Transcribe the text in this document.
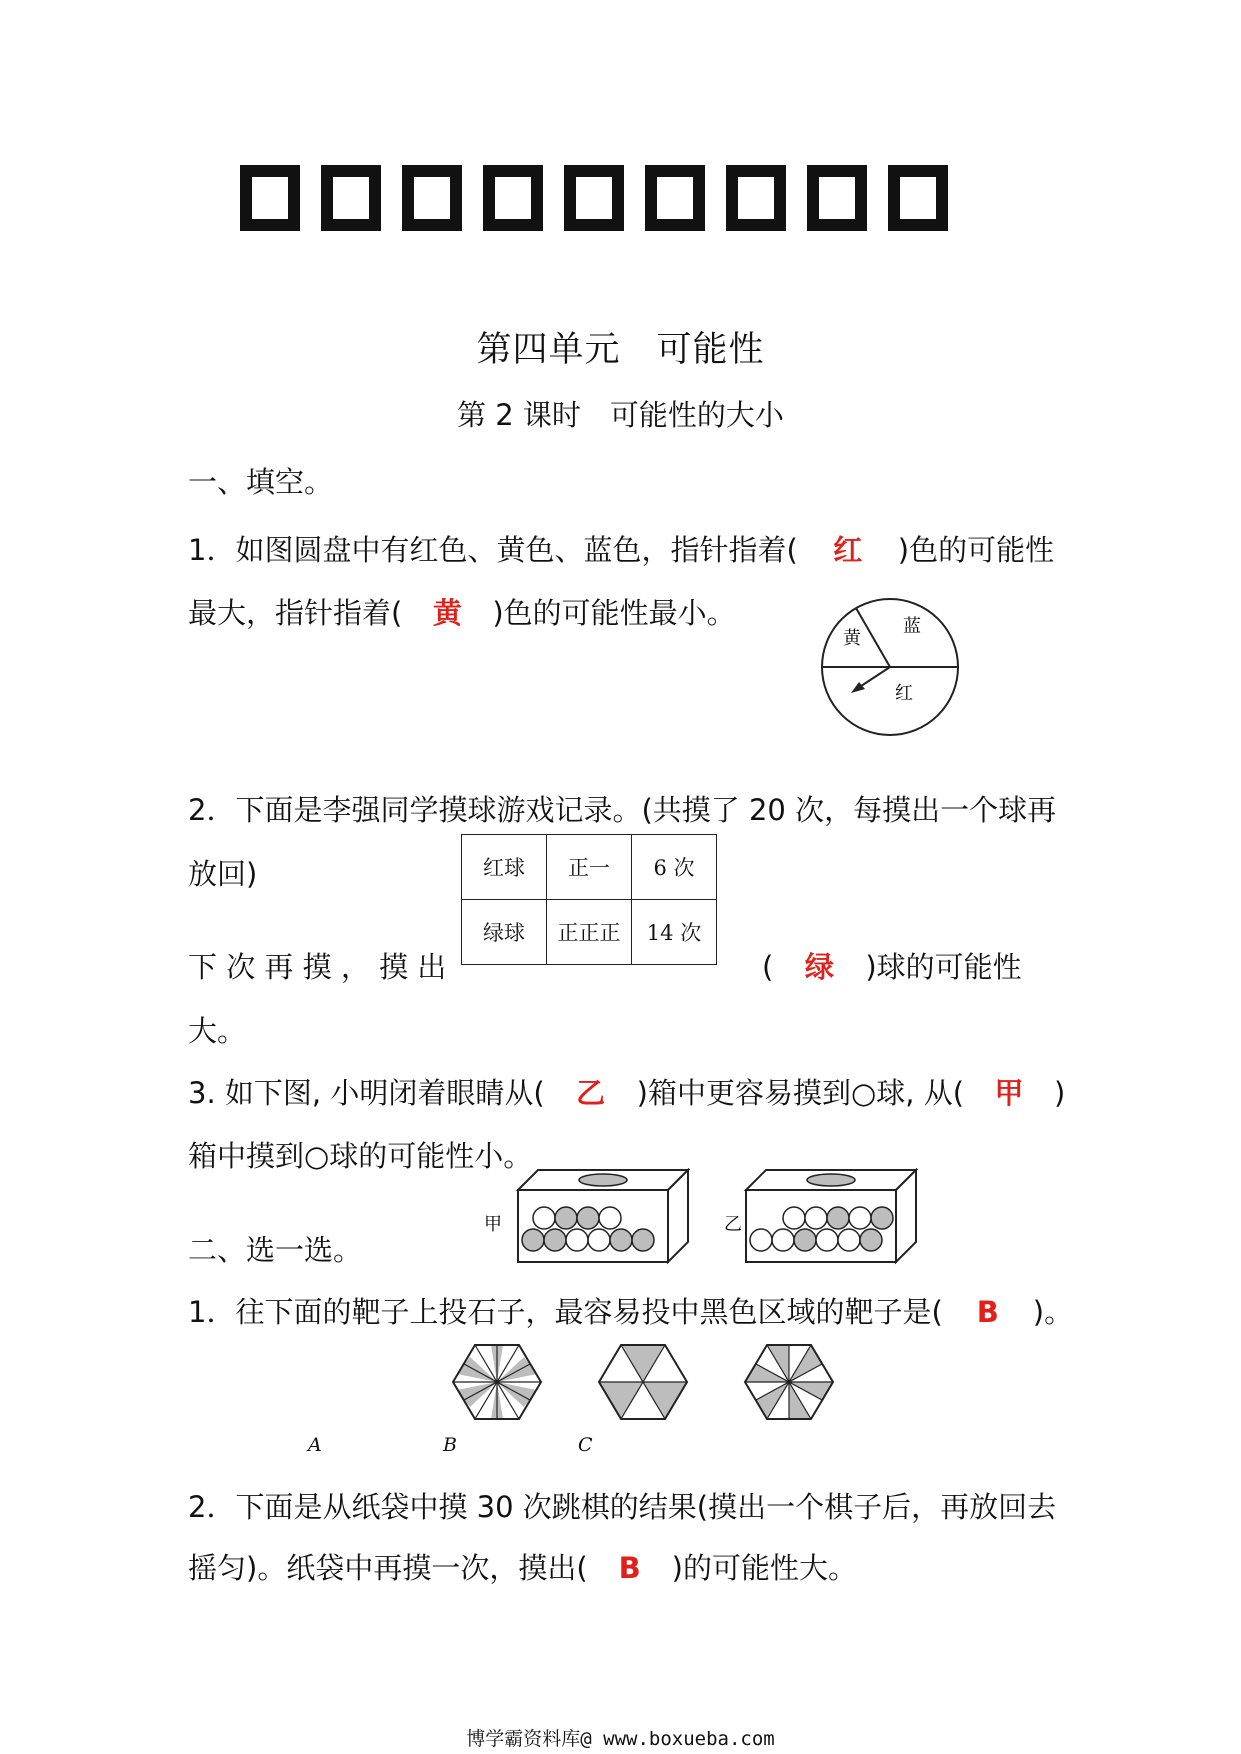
第四单元　可能性
第 2 课时　可能性的大小
一、填空。
1．如图圆盘中有红色、黄色、蓝色，指针指着( 红 )色的可能性
最大，指针指着( 黄 )色的可能性最小。
黄
蓝
红
2．下面是李强同学摸球游戏记录。(共摸了 20 次，每摸出一个球再
放回)	红球	正一	6 次
绿球	正正正	14 次
下 次 再 摸 ， 摸 出	( 绿 )球的可能性
大。
3. 如下图, 小明闭着眼睛从( 乙 )箱中更容易摸到○球, 从( 甲 )
箱中摸到○球的可能性小。
甲	乙
二、选一选。
1．往下面的靶子上投石子，最容易投中黑色区域的靶子是( B )。
A	B	C
2．下面是从纸袋中摸 30 次跳棋的结果(摸出一个棋子后，再放回去
摇匀)。纸袋中再摸一次，摸出( B )的可能性大。
博学霸资料库@ www.boxueba.com
